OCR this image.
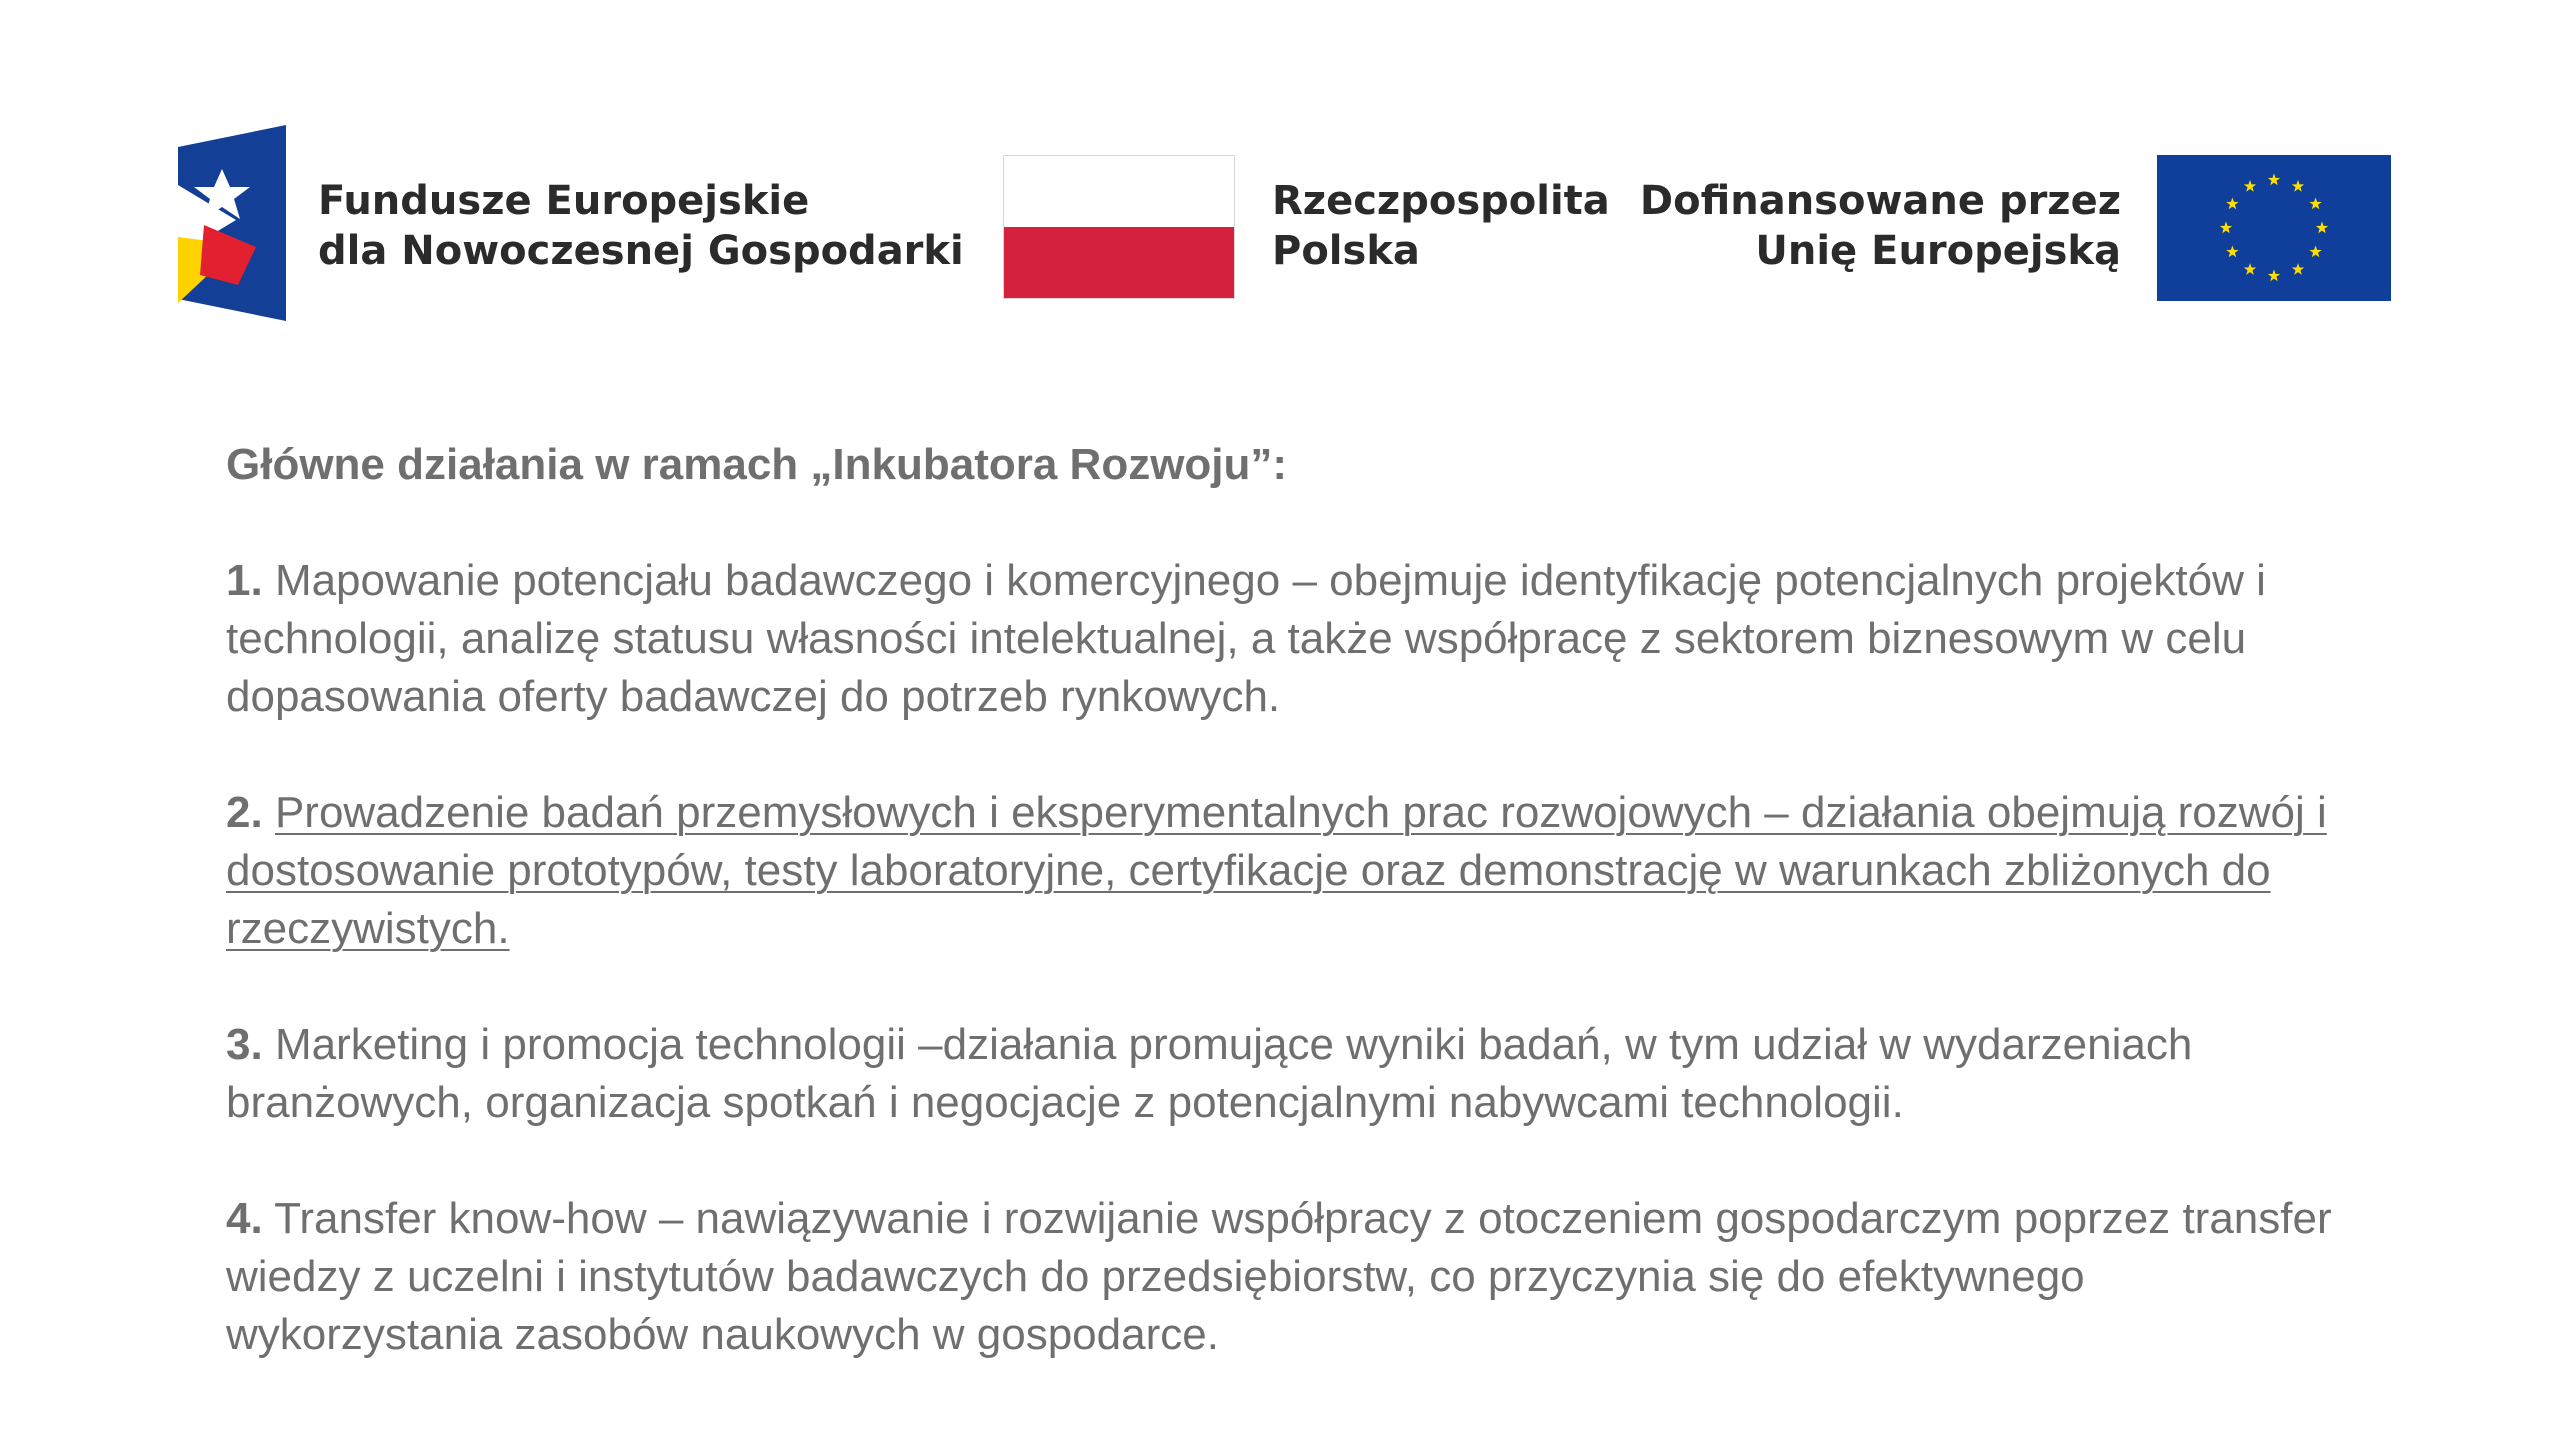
Fundusze Europejskie
dla Nowoczesnej Gospodarki
Rzeczpospolita
Polska
Dofinansowane przez
Unię Europejską

Główne działania w ramach „Inkubatora Rozwoju”:

1. Mapowanie potencjału badawczego i komercyjnego – obejmuje identyfikację potencjalnych projektów i technologii, analizę statusu własności intelektualnej, a także współpracę z sektorem biznesowym w celu dopasowania oferty badawczej do potrzeb rynkowych.

2. Prowadzenie badań przemysłowych i eksperymentalnych prac rozwojowych – działania obejmują rozwój i dostosowanie prototypów, testy laboratoryjne, certyfikacje oraz demonstrację w warunkach zbliżonych do rzeczywistych.

3. Marketing i promocja technologii –działania promujące wyniki badań, w tym udział w wydarzeniach branżowych, organizacja spotkań i negocjacje z potencjalnymi nabywcami technologii.

4. Transfer know-how – nawiązywanie i rozwijanie współpracy z otoczeniem gospodarczym poprzez transfer wiedzy z uczelni i instytutów badawczych do przedsiębiorstw, co przyczynia się do efektywnego wykorzystania zasobów naukowych w gospodarce.
